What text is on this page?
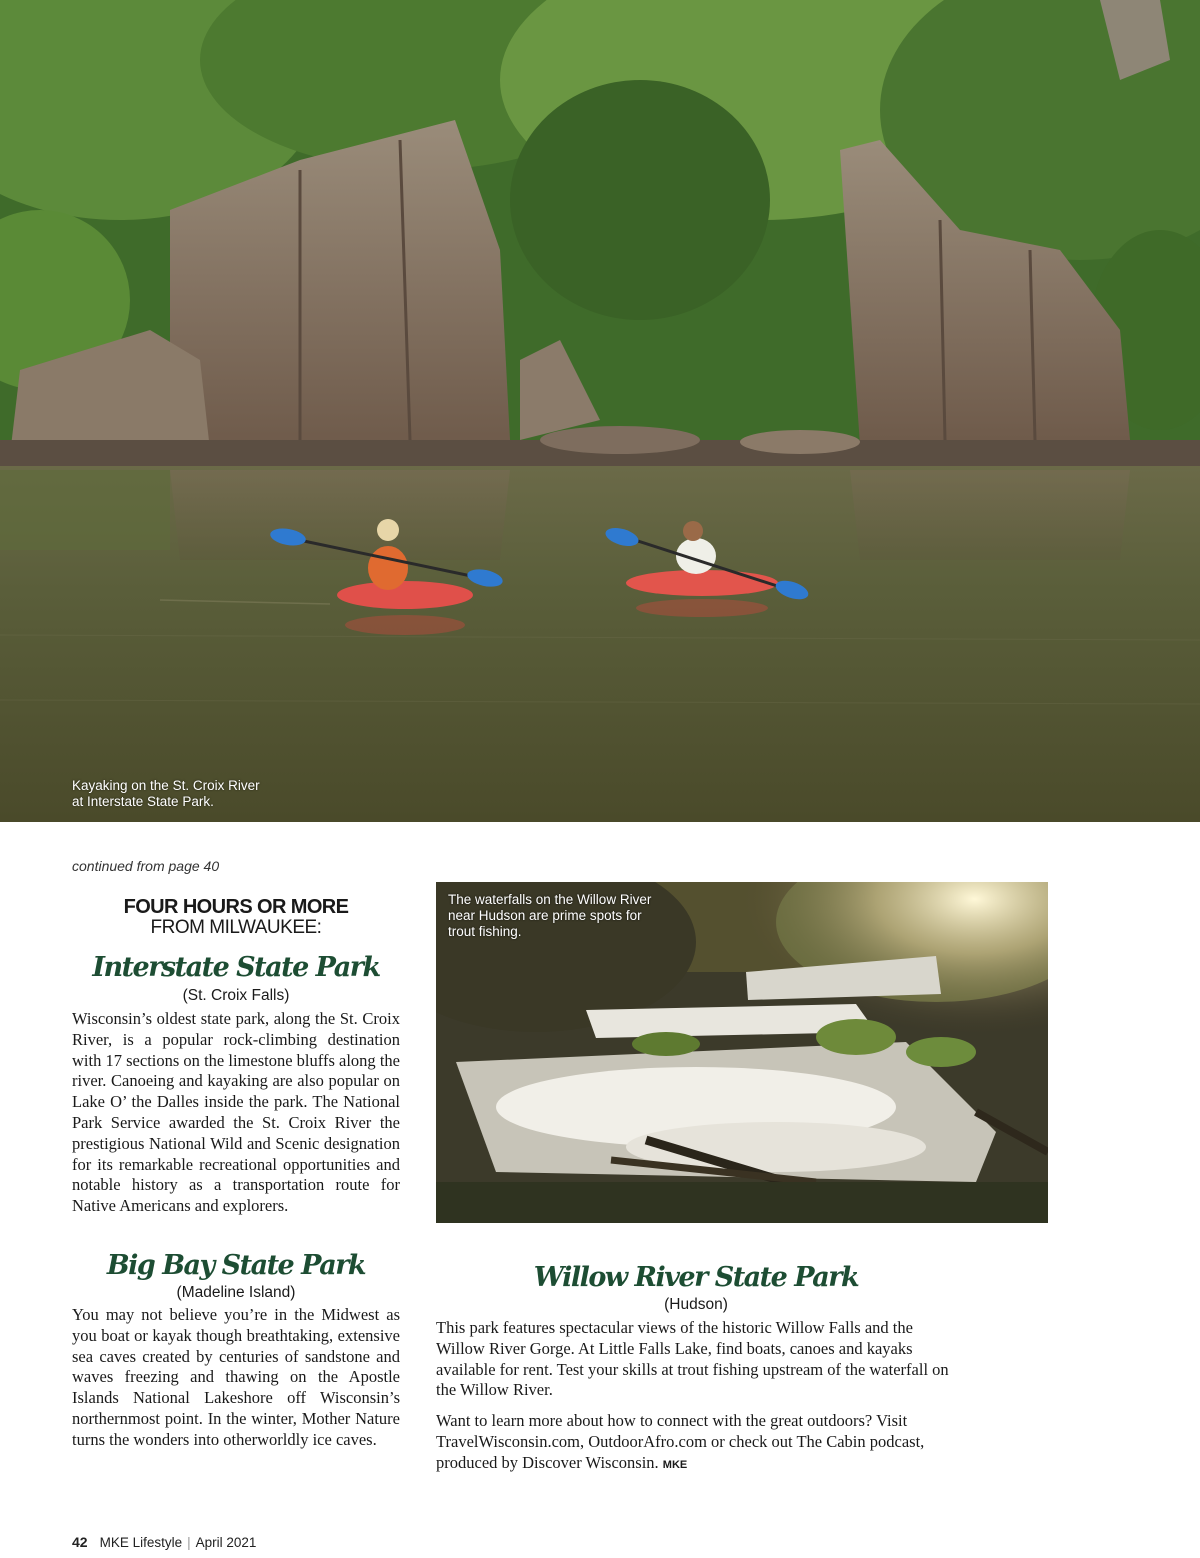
Kayaking on the St. Croix River
at Interstate State Park.
continued from page 40
FOUR HOURS OR MORE
FROM MILWAUKEE:
Interstate State Park
(St. Croix Falls)
Wisconsin’s oldest state park, along the St. Croix River, is a popular rock-climbing destination with 17 sections on the limestone bluffs along the river. Canoeing and kayaking are also popular on Lake O’ the Dalles inside the park. The National Park Service awarded the St. Croix River the prestigious National Wild and Scenic designation for its remarkable recreational opportunities and notable history as a transportation route for Native Americans and explorers.
Big Bay State Park
(Madeline Island)
You may not believe you’re in the Midwest as you boat or kayak though breathtaking, extensive sea caves created by centuries of sandstone and waves freezing and thawing on the Apostle Islands National Lakeshore off Wisconsin’s northernmost point. In the winter, Mother Nature turns the wonders into otherworldly ice caves.
The waterfalls on the Willow River near Hudson are prime spots for trout fishing.
Willow River State Park
(Hudson)

This park features spectacular views of the historic Willow Falls and the Willow River Gorge. At Little Falls Lake, find boats, canoes and kayaks available for rent. Test your skills at trout fishing upstream of the waterfall on the Willow River.

Want to learn more about how to connect with the great outdoors? Visit TravelWisconsin.com, OutdoorAfro.com or check out The Cabin podcast, produced by Discover Wisconsin. MKE

42 MKE Lifestyle | April 2021
